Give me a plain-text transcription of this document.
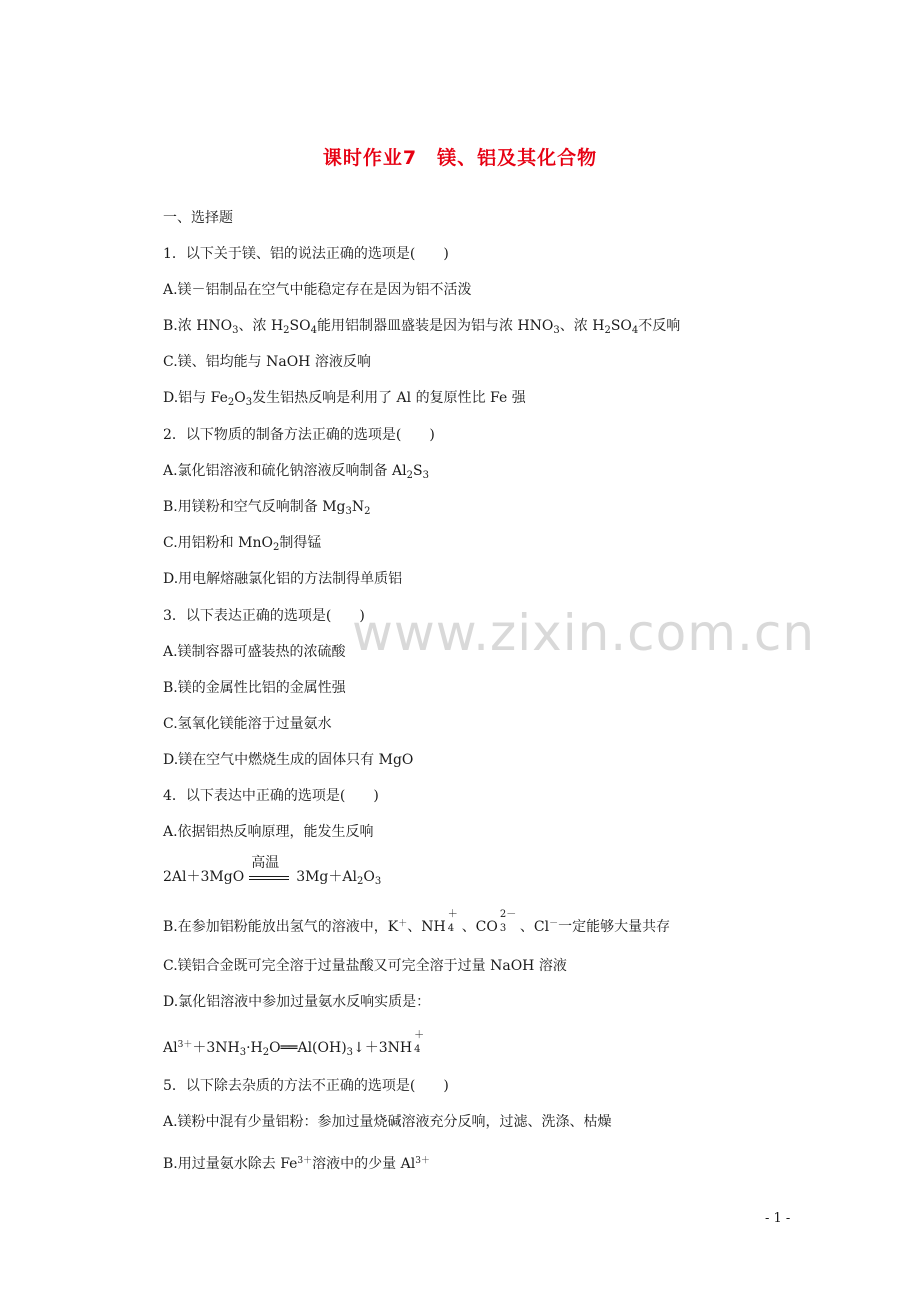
课时作业7　镁、铝及其化合物
一、选择题
1．以下关于镁、铝的说法正确的选项是(　　)
A.镁－铝制品在空气中能稳定存在是因为铝不活泼
B.浓 $HNO_3$、浓 $H_2SO_4$能用铝制器皿盛装是因为铝与浓 $HNO_3$、浓 $H_2SO_4$不反响
C.镁、铝均能与 NaOH 溶液反响
D.铝与 $Fe_2O_3$发生铝热反响是利用了 Al 的复原性比 Fe 强
2．以下物质的制备方法正确的选项是(　　)
A.氯化铝溶液和硫化钠溶液反响制备 $Al_2S_3$
B.用镁粉和空气反响制备 $Mg_3N_2$
C.用铝粉和 MnO$_2$制得锰
D.用电解熔融氯化铝的方法制得单质铝
3．以下表达正确的选项是(　　)
A.镁制容器可盛装热的浓硫酸
B.镁的金属性比铝的金属性强
C.氢氧化镁能溶于过量氨水
D.镁在空气中燃烧生成的固体只有 MgO
4．以下表达中正确的选项是(　　)
A.依据铝热反响原理，能发生反响
2Al＋3MgO
高温
$3Mg+Al_2O_3$
B.在参加铝粉能放出氢气的溶液中，K＋、NH
＋
4 、CO
2－
3 、Cl－一定能够大量共存
C.镁铝合金既可完全溶于过量盐酸又可完全溶于过量 NaOH 溶液
D.氯化铝溶液中参加过量氨水反响实质是：
$Al^{3+}+3NH_3\cdot H_2O══Al(OH)_3↓+3NH$
＋
4
5．以下除去杂质的方法不正确的选项是(　　)
A.镁粉中混有少量铝粉：参加过量烧碱溶液充分反响，过滤、洗涤、枯燥
B.用过量氨水除去 $Fe^{3+}$溶液中的少量 $Al^{3+}$
www.zixin.com.cn
- 1 -
